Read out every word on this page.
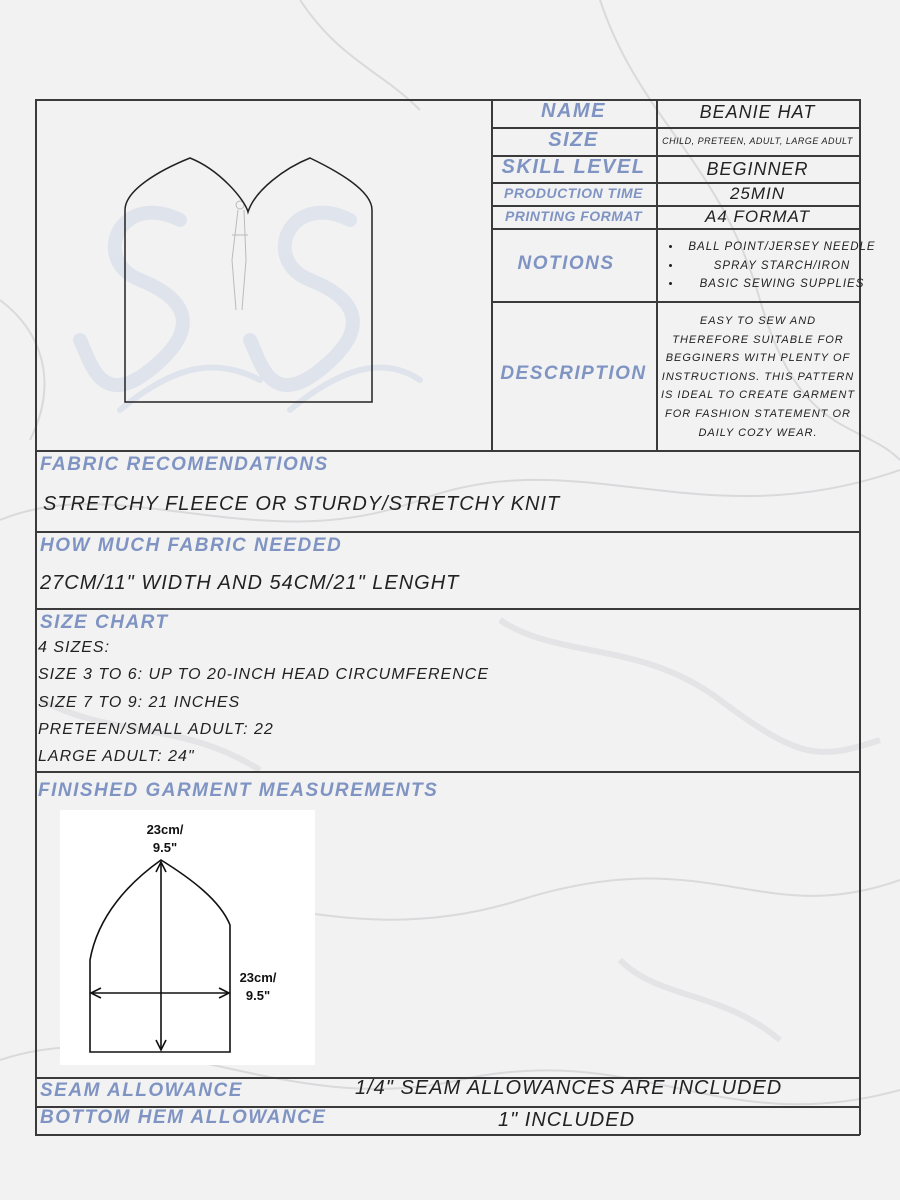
NAME	BEANIE HAT
SIZE	CHILD, PRETEEN, ADULT, LARGE ADULT
SKILL LEVEL	BEGINNER
PRODUCTION TIME	25MIN
PRINTING FORMAT	A4 FORMAT
NOTIONS
• BALL POINT/JERSEY NEEDLE
• SPRAY STARCH/IRON
• BASIC SEWING SUPPLIES
DESCRIPTION
EASY TO SEW AND THEREFORE SUITABLE FOR BEGGINERS WITH PLENTY OF INSTRUCTIONS. THIS PATTERN IS IDEAL TO CREATE GARMENT FOR FASHION STATEMENT OR DAILY COZY WEAR.
FABRIC RECOMENDATIONS
STRETCHY FLEECE OR STURDY/STRETCHY KNIT
HOW MUCH FABRIC NEEDED
27CM/11" WIDTH AND 54CM/21" LENGHT
SIZE CHART
4 SIZES:
SIZE 3 TO 6: UP TO 20-INCH HEAD CIRCUMFERENCE
SIZE 7 TO 9: 21 INCHES
PRETEEN/SMALL ADULT: 22
LARGE ADULT: 24"
FINISHED GARMENT MEASUREMENTS
23cm/
9.5"
23cm/
9.5"
SEAM ALLOWANCE	1/4" SEAM ALLOWANCES ARE INCLUDED
BOTTOM HEM ALLOWANCE	1" INCLUDED
